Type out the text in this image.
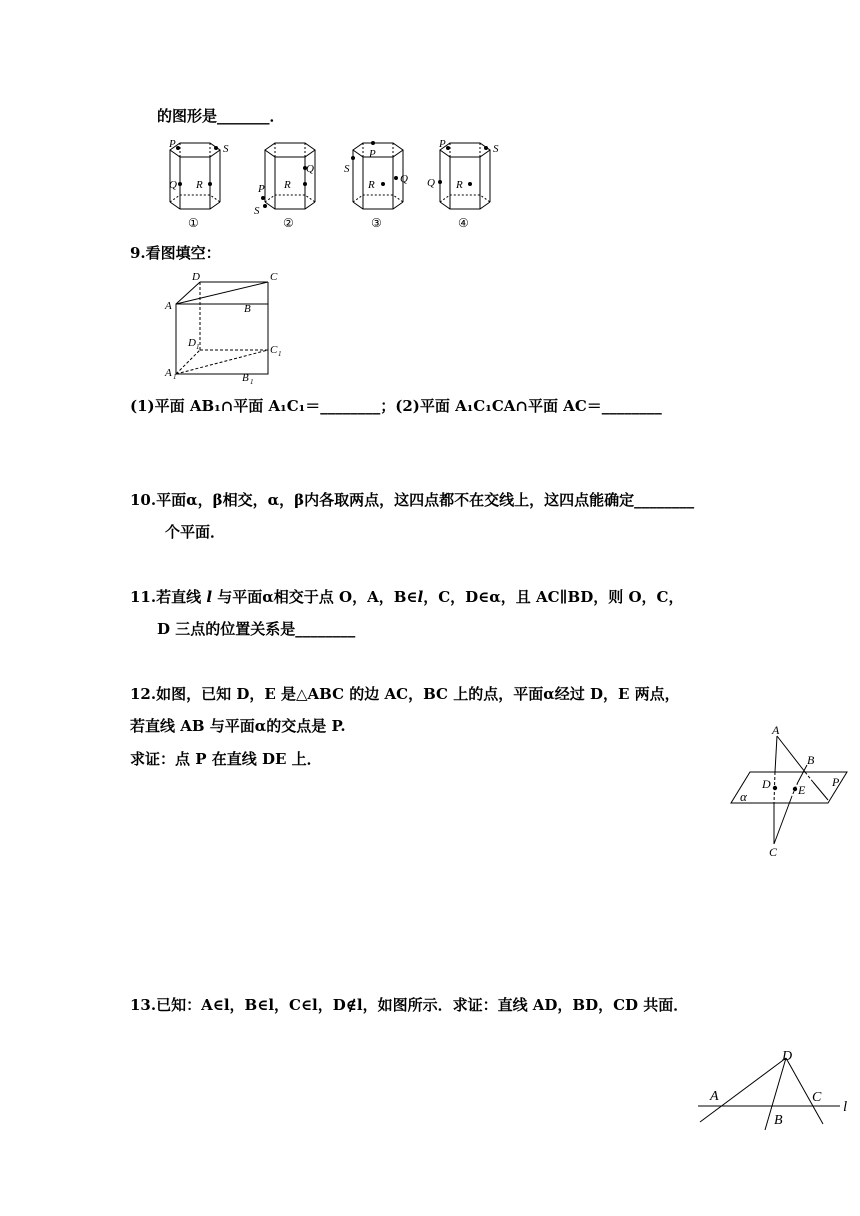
的图形是_______．
P	S
Q R
①
Q
R
P
S
②
P
S
R Q
③
P	S
Q R
④
9.看图填空：
D	C
A	B
D 1	C 1
A 1	B 1
(1)平面 AB₁∩平面 A₁C₁＝________；(2)平面 A₁C₁CA∩平面 AC＝________
10.平面α，β相交，α，β内各取两点，这四点都不在交线上，这四点能确定________
个平面．
11.若直线 l 与平面α相交于点 O，A，B∈l，C，D∈α，且 AC∥BD，则 O，C，
D 三点的位置关系是________
12.如图，已知 D，E 是△ABC 的边 AC，BC 上的点，平面α经过 D，E 两点，
若直线 AB 与平面α的交点是 P.
求证：点 P 在直线 DE 上．
A
B
P
D E
α
C
13.已知：A∈l，B∈l，C∈l，D∉l，如图所示．求证：直线 AD，BD，CD 共面．
D
A	C
B
l
